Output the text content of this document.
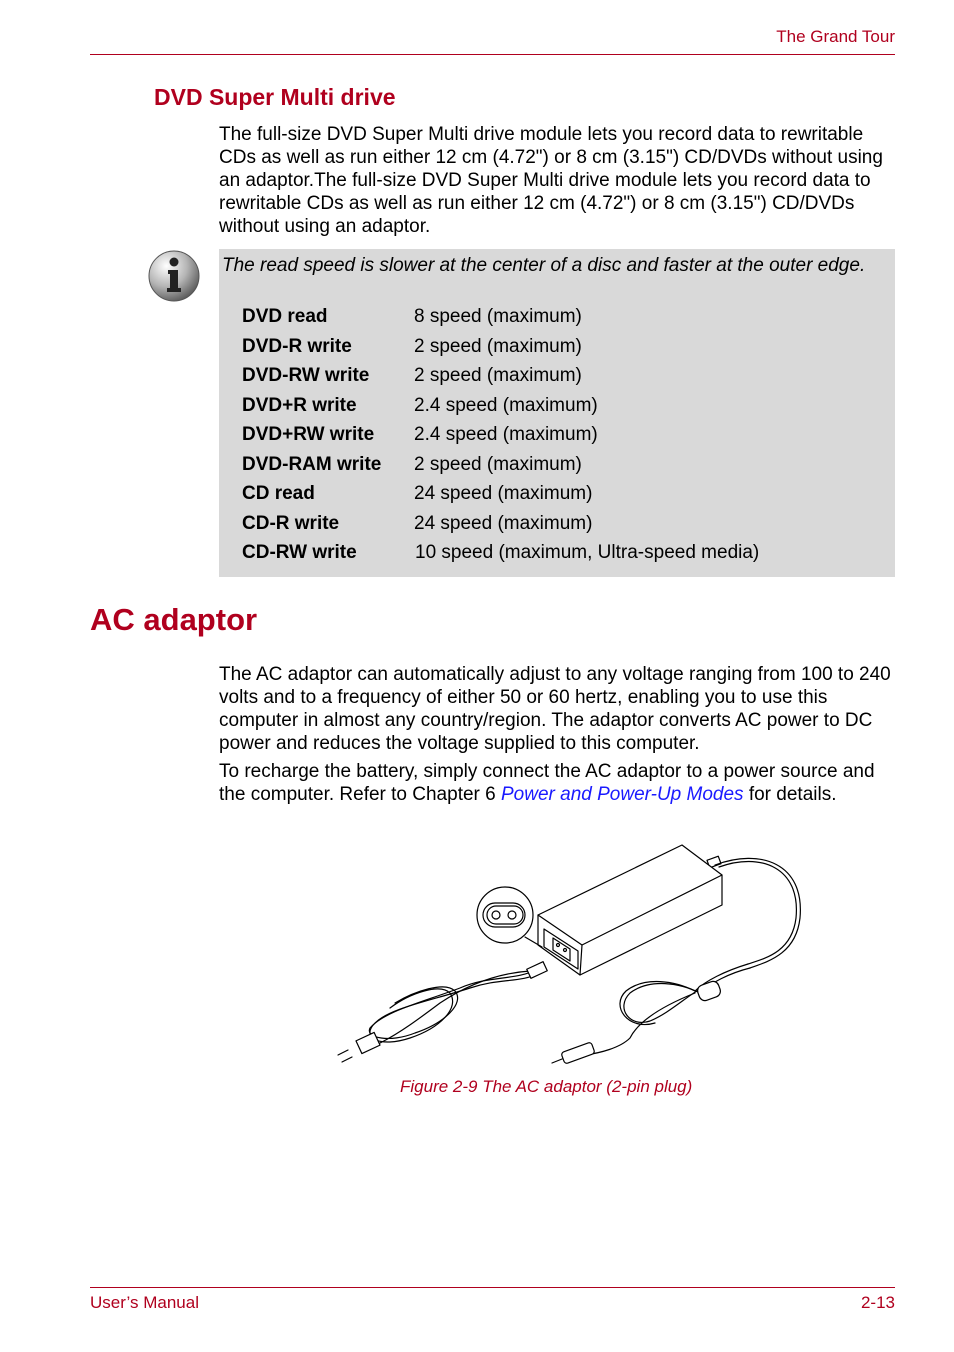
The Grand Tour
DVD Super Multi drive
The full-size DVD Super Multi drive module lets you record data to rewritable CDs as well as run either 12 cm (4.72") or 8 cm (3.15") CD/DVDs without using an adaptor.The full-size DVD Super Multi drive module lets you record data to rewritable CDs as well as run either 12 cm (4.72") or 8 cm (3.15") CD/DVDs without using an adaptor.
The read speed is slower at the center of a disc and faster at the outer edge.
DVD read	8 speed (maximum)
DVD-R write	2 speed (maximum)
DVD-RW write 2 speed (maximum)
DVD+R write	2.4 speed (maximum)
DVD+RW write 2.4 speed (maximum)
DVD-RAM write 2 speed (maximum)
CD read	24 speed (maximum)
CD-R write	24 speed (maximum)
CD-RW write	10 speed (maximum, Ultra-speed media)
AC adaptor
The AC adaptor can automatically adjust to any voltage ranging from 100 to 240 volts and to a frequency of either 50 or 60 hertz, enabling you to use this computer in almost any country/region. The adaptor converts AC power to DC power and reduces the voltage supplied to this computer.
To recharge the battery, simply connect the AC adaptor to a power source and the computer. Refer to Chapter 6 Power and Power-Up Modes for details.
Figure 2-9 The AC adaptor (2-pin plug)
User’s Manual	2-13
